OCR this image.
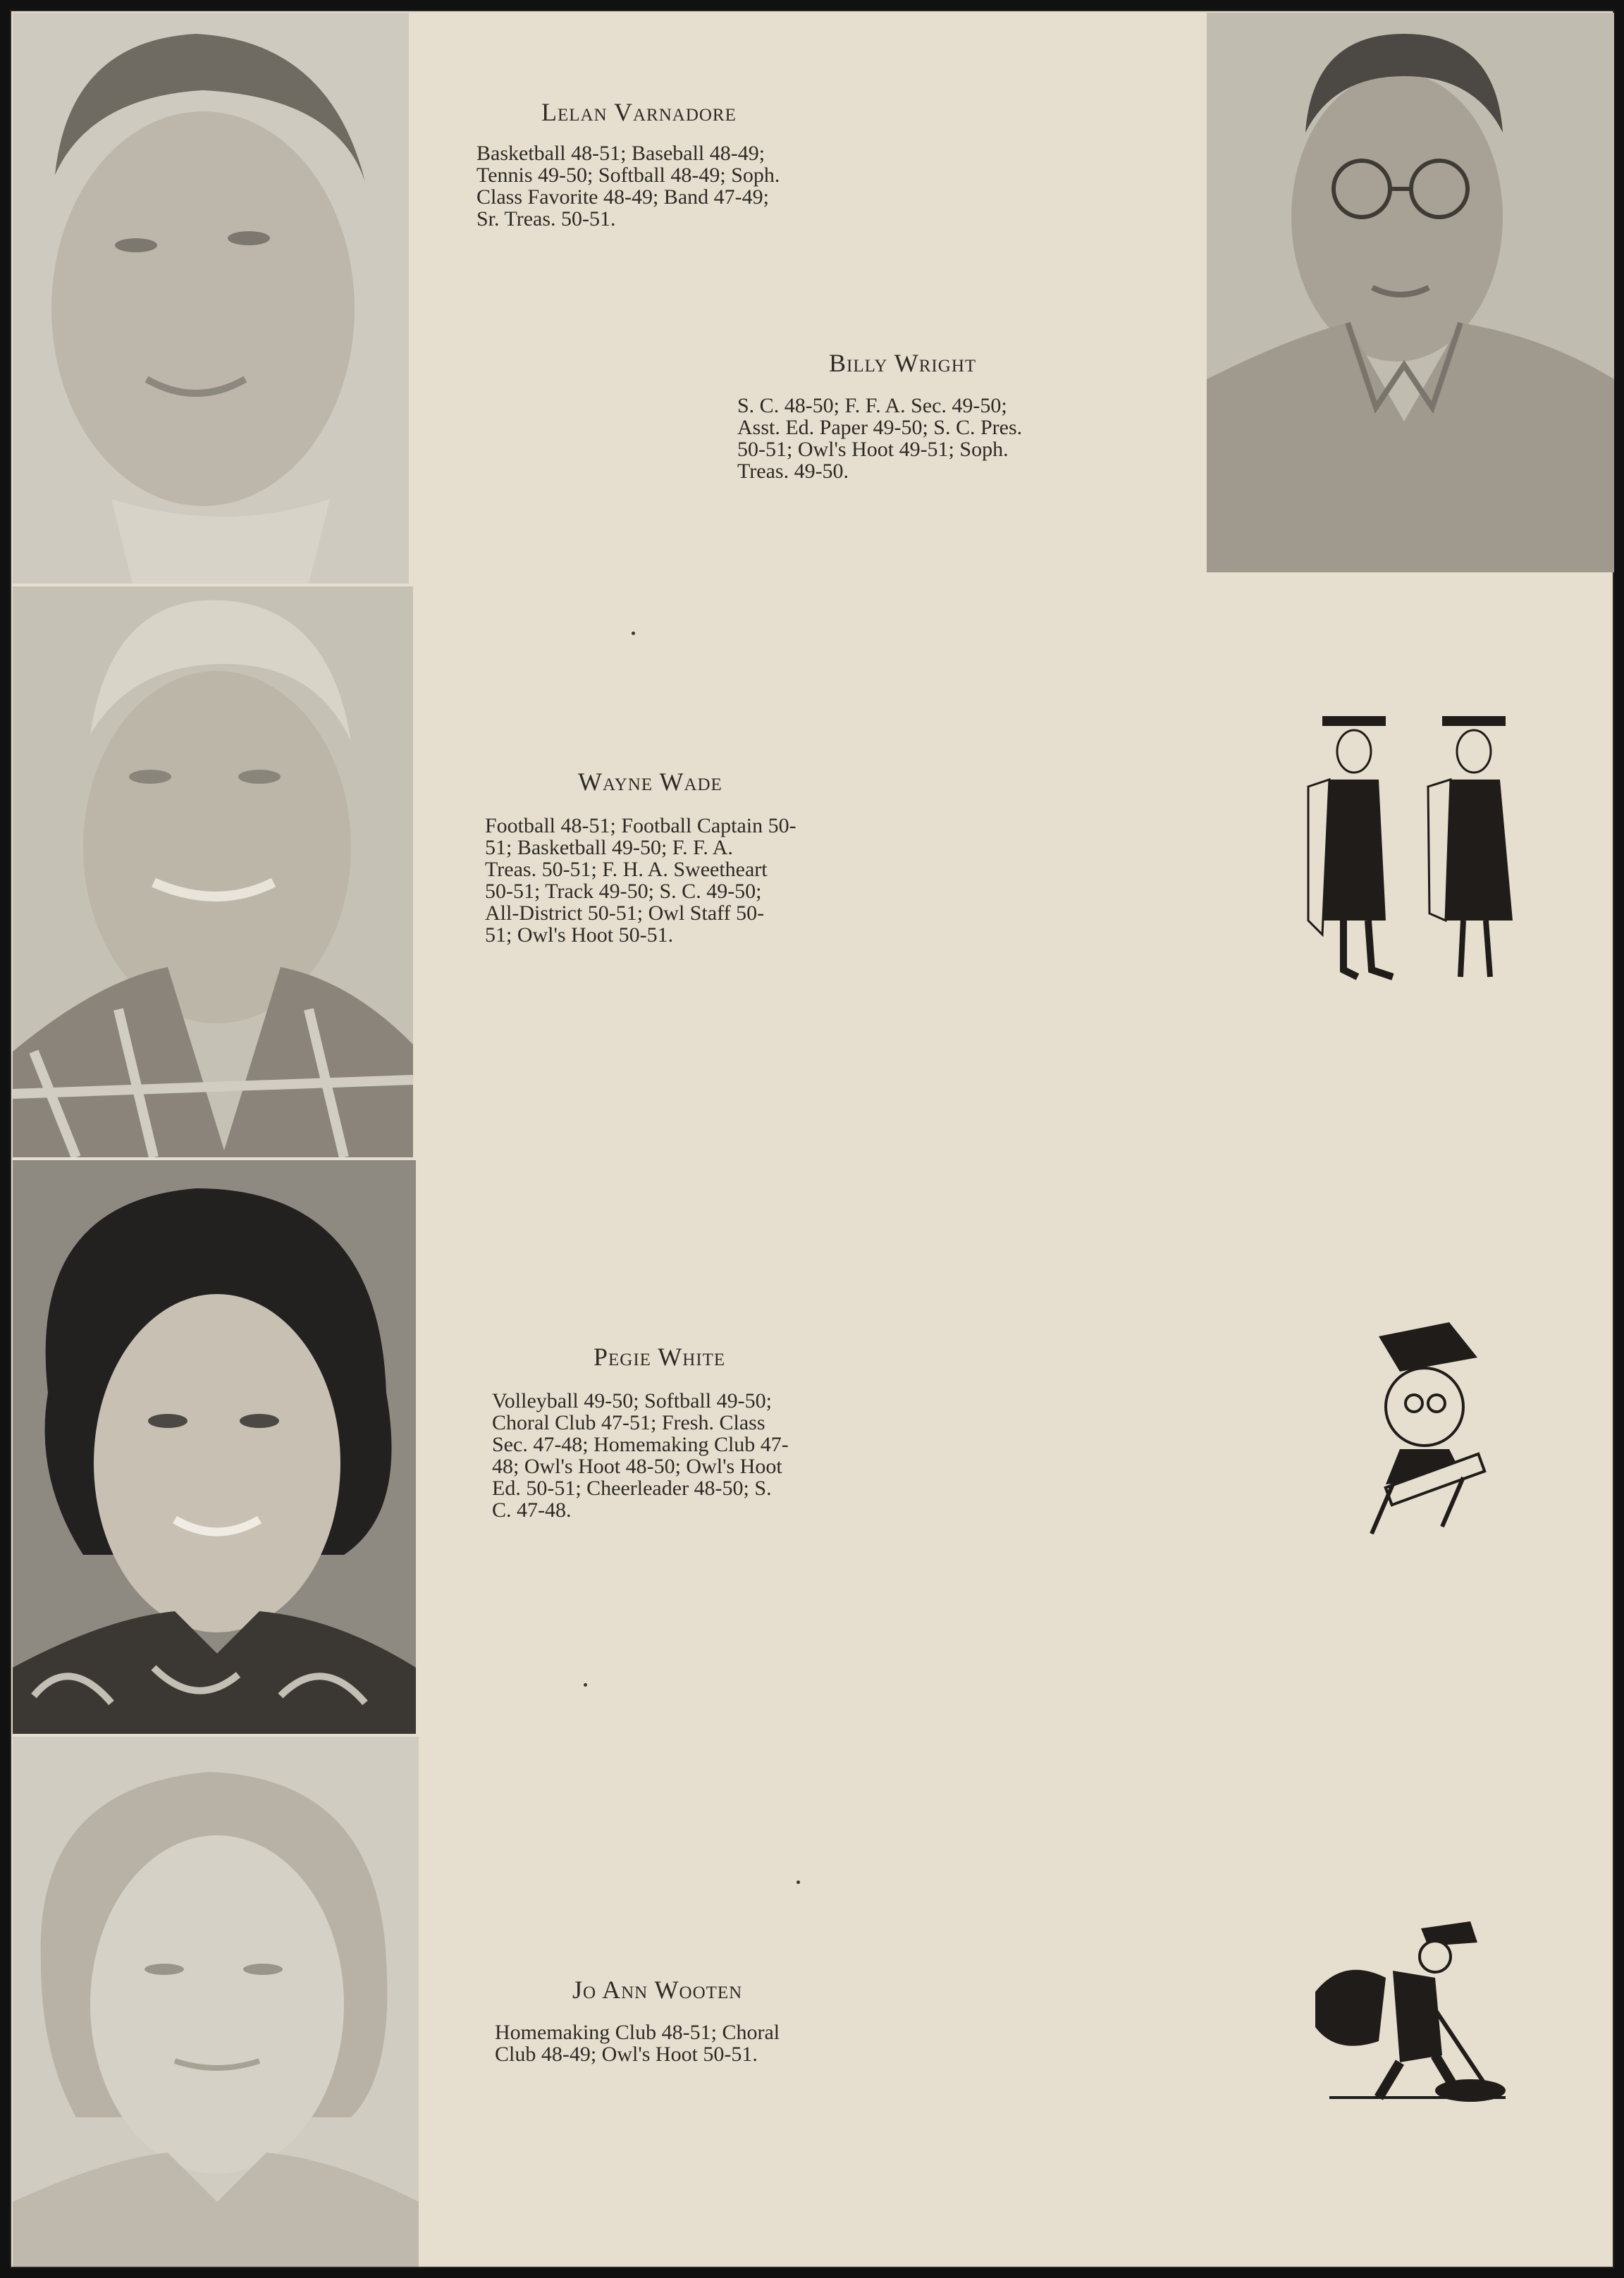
Lelan Varnadore
Basketball 48-51; Baseball 48-49;
Tennis 49-50; Softball 48-49; Soph.
Class Favorite 48-49; Band 47-49;
Sr. Treas. 50-51.
Billy Wright
S. C. 48-50; F. F. A. Sec. 49-50;
Asst. Ed. Paper 49-50; S. C. Pres.
50-51; Owl's Hoot 49-51; Soph.
Treas. 49-50.
Wayne Wade
Football 48-51; Football Captain 50-
51; Basketball 49-50; F. F. A.
Treas. 50-51; F. H. A. Sweetheart
50-51; Track 49-50; S. C. 49-50;
All-District 50-51; Owl Staff 50-
51; Owl's Hoot 50-51.
Pegie White
Volleyball 49-50; Softball 49-50;
Choral Club 47-51; Fresh. Class
Sec. 47-48; Homemaking Club 47-
48; Owl's Hoot 48-50; Owl's Hoot
Ed. 50-51; Cheerleader 48-50; S.
C. 47-48.
Jo Ann Wooten
Homemaking Club 48-51; Choral
Club 48-49; Owl's Hoot 50-51.
